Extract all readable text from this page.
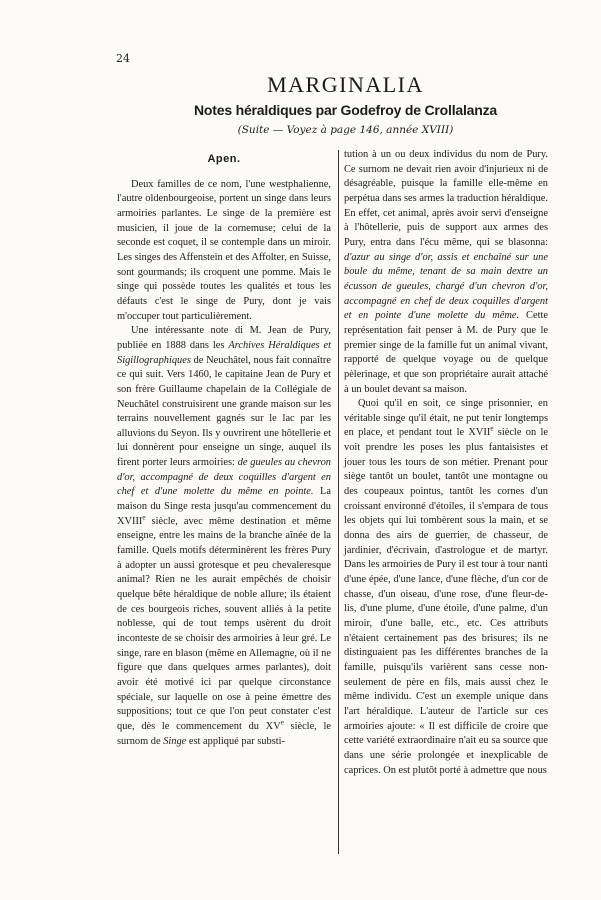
24
MARGINALIA
Notes héraldiques par Godefroy de Crollalanza
(Suite — Voyez à page 146, année XVIII)
Apen.

Deux familles de ce nom, l'une westphalienne, l'autre oldenbourgeoise, portent un singe dans leurs armoiries parlantes. Le singe de la première est musicien, il joue de la cornemuse; celui de la seconde est coquet, il se contemple dans un miroir. Les singes des Affenstein et des Affolter, en Suisse, sont gourmands; ils croquent une pomme. Mais le singe qui possède toutes les qualités et tous les défauts c'est le singe de Pury, dont je vais m'occuper tout particulièrement.

Une intéressante note di M. Jean de Pury, publiée en 1888 dans les Archives Héraldiques et Sigillographiques de Neuchâtel, nous fait connaître ce qui suit. Vers 1460, le capitaine Jean de Pury et son frère Guillaume chapelain de la Collégiale de Neuchâtel construisirent une grande maison sur les terrains nouvellement gagnés sur le lac par les alluvions du Seyon. Ils y ouvrirent une hôtellerie et lui donnèrent pour enseigne un singe, auquel ils firent porter leurs armoiries: de gueules au chevron d'or, accompagné de deux coquilles d'argent en chef et d'une molette du même en pointe. La maison du Singe resta jusqu'au commencement du XVIIIe siècle, avec même destination et même enseigne, entre les mains de la branche aînée de la famille. Quels motifs déterminèrent les frères Pury à adopter un aussi grotesque et peu chevaleresque animal? Rien ne les aurait empêchés de choisir quelque bête héraldique de noble allure; ils étaient de ces bourgeois riches, souvent alliés à la petite noblesse, qui de tout temps usèrent du droit inconteste de se choisir des armoiries à leur gré. Le singe, rare en blason (même en Allemagne, où il ne figure que dans quelques armes parlantes), doit avoir été motivé ici par quelque circonstance spéciale, sur laquelle on ose à peine émettre des suppositions; tout ce que l'on peut constater c'est que, dès le commencement du XVe siècle, le surnom de Singe est appliqué par substi-

tution à un ou deux individus du nom de Pury. Ce surnom ne devait rien avoir d'injurieux ni de désagréable, puisque la famille elle-même en perpétua dans ses armes la traduction héraldique. En effet, cet animal, après avoir servi d'enseigne à l'hôtellerie, puis de support aux armes des Pury, entra dans l'écu même, qui se blasonna: d'azur au singe d'or, assis et enchaîné sur une boule du même, tenant de sa main dextre un écusson de gueules, chargé d'un chevron d'or, accompagné en chef de deux coquilles d'argent et en pointe d'une molette du même. Cette représentation fait penser à M. de Pury que le premier singe de la famille fut un animal vivant, rapporté de quelque voyage ou de quelque pèlerinage, et que son propriétaire aurait attaché à un boulet devant sa maison.

Quoi qu'il en soit, ce singe prisonnier, en véritable singe qu'il était, ne put tenir longtemps en place, et pendant tout le XVIIe siècle on le voit prendre les poses les plus fantaisistes et jouer tous les tours de son métier. Prenant pour siège tantôt un boulet, tantôt une montagne ou des coupeaux pointus, tantôt les cornes d'un croissant environné d'étoiles, il s'empara de tous les objets qui lui tombèrent sous la main, et se donna des airs de guerrier, de chasseur, de jardinier, d'écrivain, d'astrologue et de martyr. Dans les armoiries de Pury il est tour à tour nanti d'une épée, d'une lance, d'une flèche, d'un cor de chasse, d'un oiseau, d'une rose, d'une fleur-de-lis, d'une plume, d'une étoile, d'une palme, d'un miroir, d'une balle, etc., etc. Ces attributs n'étaient certainement pas des brisures; ils ne distinguaient pas les différentes branches de la famille, puisqu'ils varièrent sans cesse non-seulement de père en fils, mais aussi chez le même individu. C'est un exemple unique dans l'art héraldique. L'auteur de l'article sur ces armoiries ajoute: « Il est difficile de croire que cette variété extraordinaire n'ait eu sa source que dans une série prolongée et inexplicable de caprices. On est plutôt porté à admettre que nous
